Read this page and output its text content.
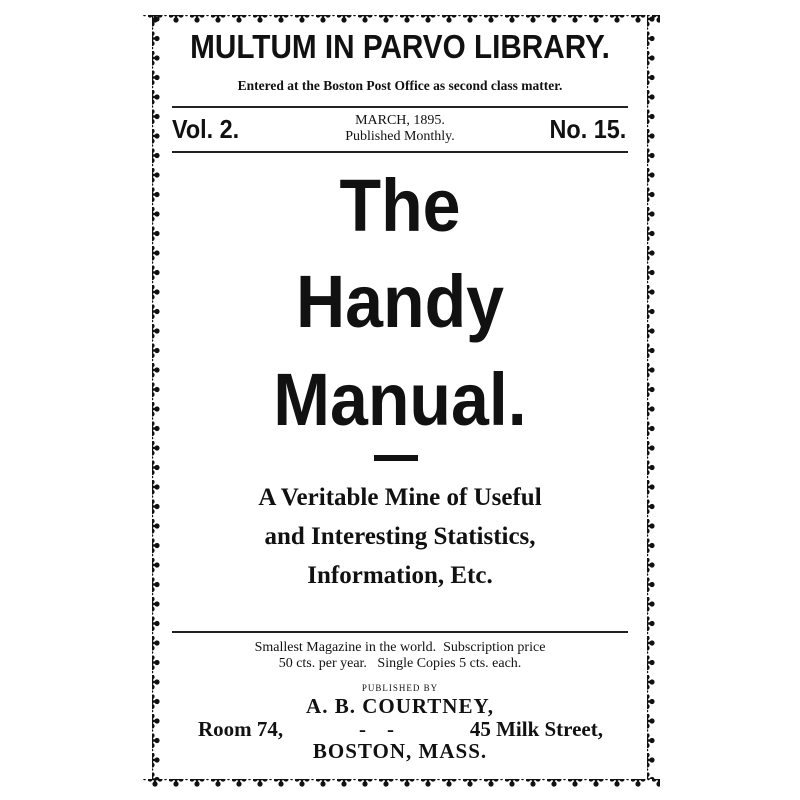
MULTUM IN PARVO LIBRARY.
Entered at the Boston Post Office as second class matter.
Vol. 2.	MARCH, 1895.
Published Monthly.	No. 15.
The
Handy
Manual.
A Veritable Mine of Useful
and Interesting Statistics,
Information, Etc.
Smallest Magazine in the world.  Subscription price
50 cts. per year.   Single Copies 5 cts. each.
PUBLISHED BY
A. B. COURTNEY,
Room 74,	-    -	45 Milk Street,
BOSTON, MASS.
